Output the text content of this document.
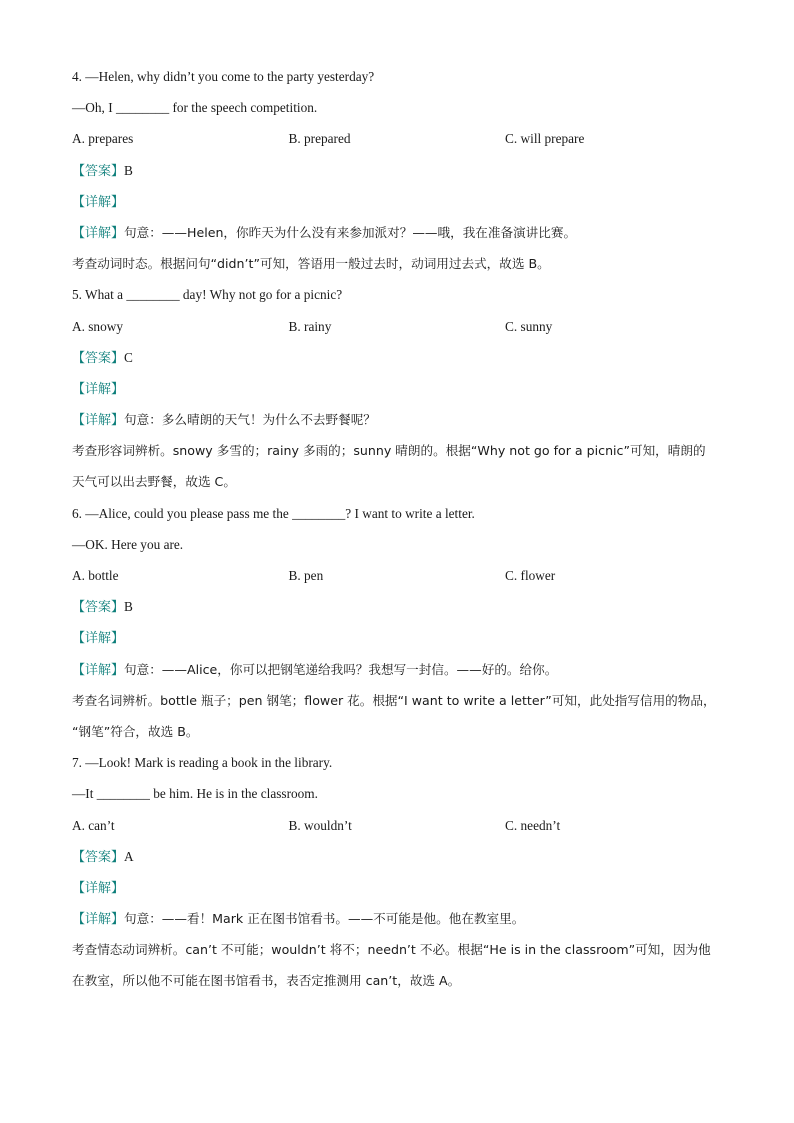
4. —Helen, why didn’t you come to the party yesterday?
—Oh, I ________ for the speech competition.
A. prepares	B. prepared	C. will prepare
【答案】B
【详解】
【详解】句意：——Helen，你昨天为什么没有来参加派对？——哦，我在准备演讲比赛。
考查动词时态。根据问句“didn’t”可知，答语用一般过去时，动词用过去式，故选 B。
5. What a ________ day! Why not go for a picnic?
A. snowy	B. rainy	C. sunny
【答案】C
【详解】
【详解】句意：多么晴朗的天气！为什么不去野餐呢？
考查形容词辨析。snowy 多雪的；rainy 多雨的；sunny 晴朗的。根据“Why not go for a picnic”可知，晴朗的
天气可以出去野餐，故选 C。
6. —Alice, could you please pass me the ________? I want to write a letter.
—OK. Here you are.
A. bottle	B. pen	C. flower
【答案】B
【详解】
【详解】句意：——Alice，你可以把钢笔递给我吗？我想写一封信。——好的。给你。
考查名词辨析。bottle 瓶子；pen 钢笔；flower 花。根据“I want to write a letter”可知，此处指写信用的物品，
“钢笔”符合，故选 B。
7. —Look! Mark is reading a book in the library.
—It ________ be him. He is in the classroom.
A. can’t	B. wouldn’t	C. needn’t
【答案】A
【详解】
【详解】句意：——看！Mark 正在图书馆看书。——不可能是他。他在教室里。
考查情态动词辨析。can’t 不可能；wouldn’t 将不；needn’t 不必。根据“He is in the classroom”可知，因为他
在教室，所以他不可能在图书馆看书，表否定推测用 can’t，故选 A。
